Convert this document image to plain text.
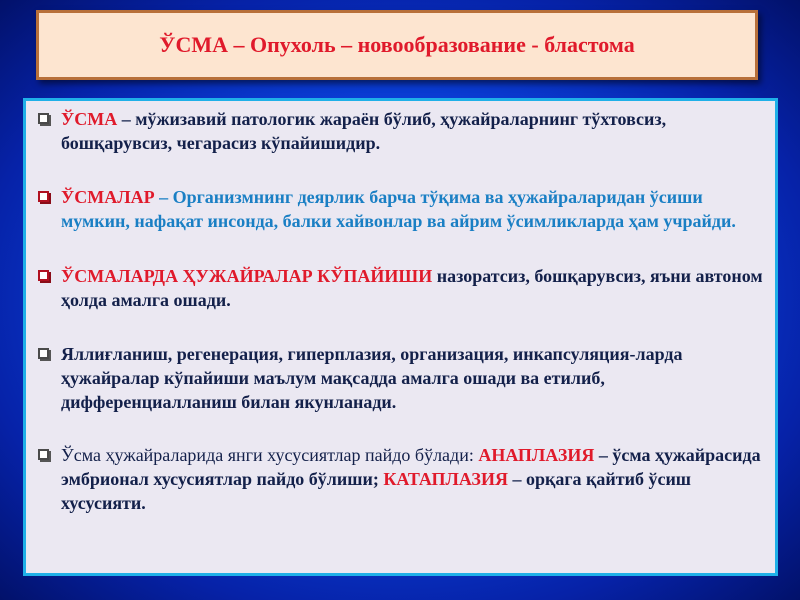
ЎСМА – Опухоль – новообразование - бластома
ЎСМА – мўжизавий патологик жараён бўлиб, ҳужайраларнинг тўхтовсиз, бошқарувсиз, чегарасиз кўпайишидир.
ЎСМАЛАР – Организмнинг деярлик барча тўқима ва ҳужайраларидан ўсиши мумкин, нафақат инсонда, балки хайвонлар ва айрим ўсимликларда ҳам учрайди.
ЎСМАЛАРДА ҲУЖАЙРАЛАР КЎПАЙИШИ назоратсиз, бошқарувсиз, яъни автоном ҳолда амалга ошади.
Яллиғланиш, регенерация, гиперплазия, организация, инкапсуляция-ларда ҳужайралар кўпайиши маълум мақсадда амалга ошади ва етилиб, дифференциалланиш билан якунланади.
Ўсма ҳужайраларида янги хусусиятлар пайдо бўлади: АНАПЛАЗИЯ – ўсма ҳужайрасида эмбрионал хусусиятлар пайдо бўлиши; КАТАПЛАЗИЯ – орқага қайтиб ўсиш хусусияти.
